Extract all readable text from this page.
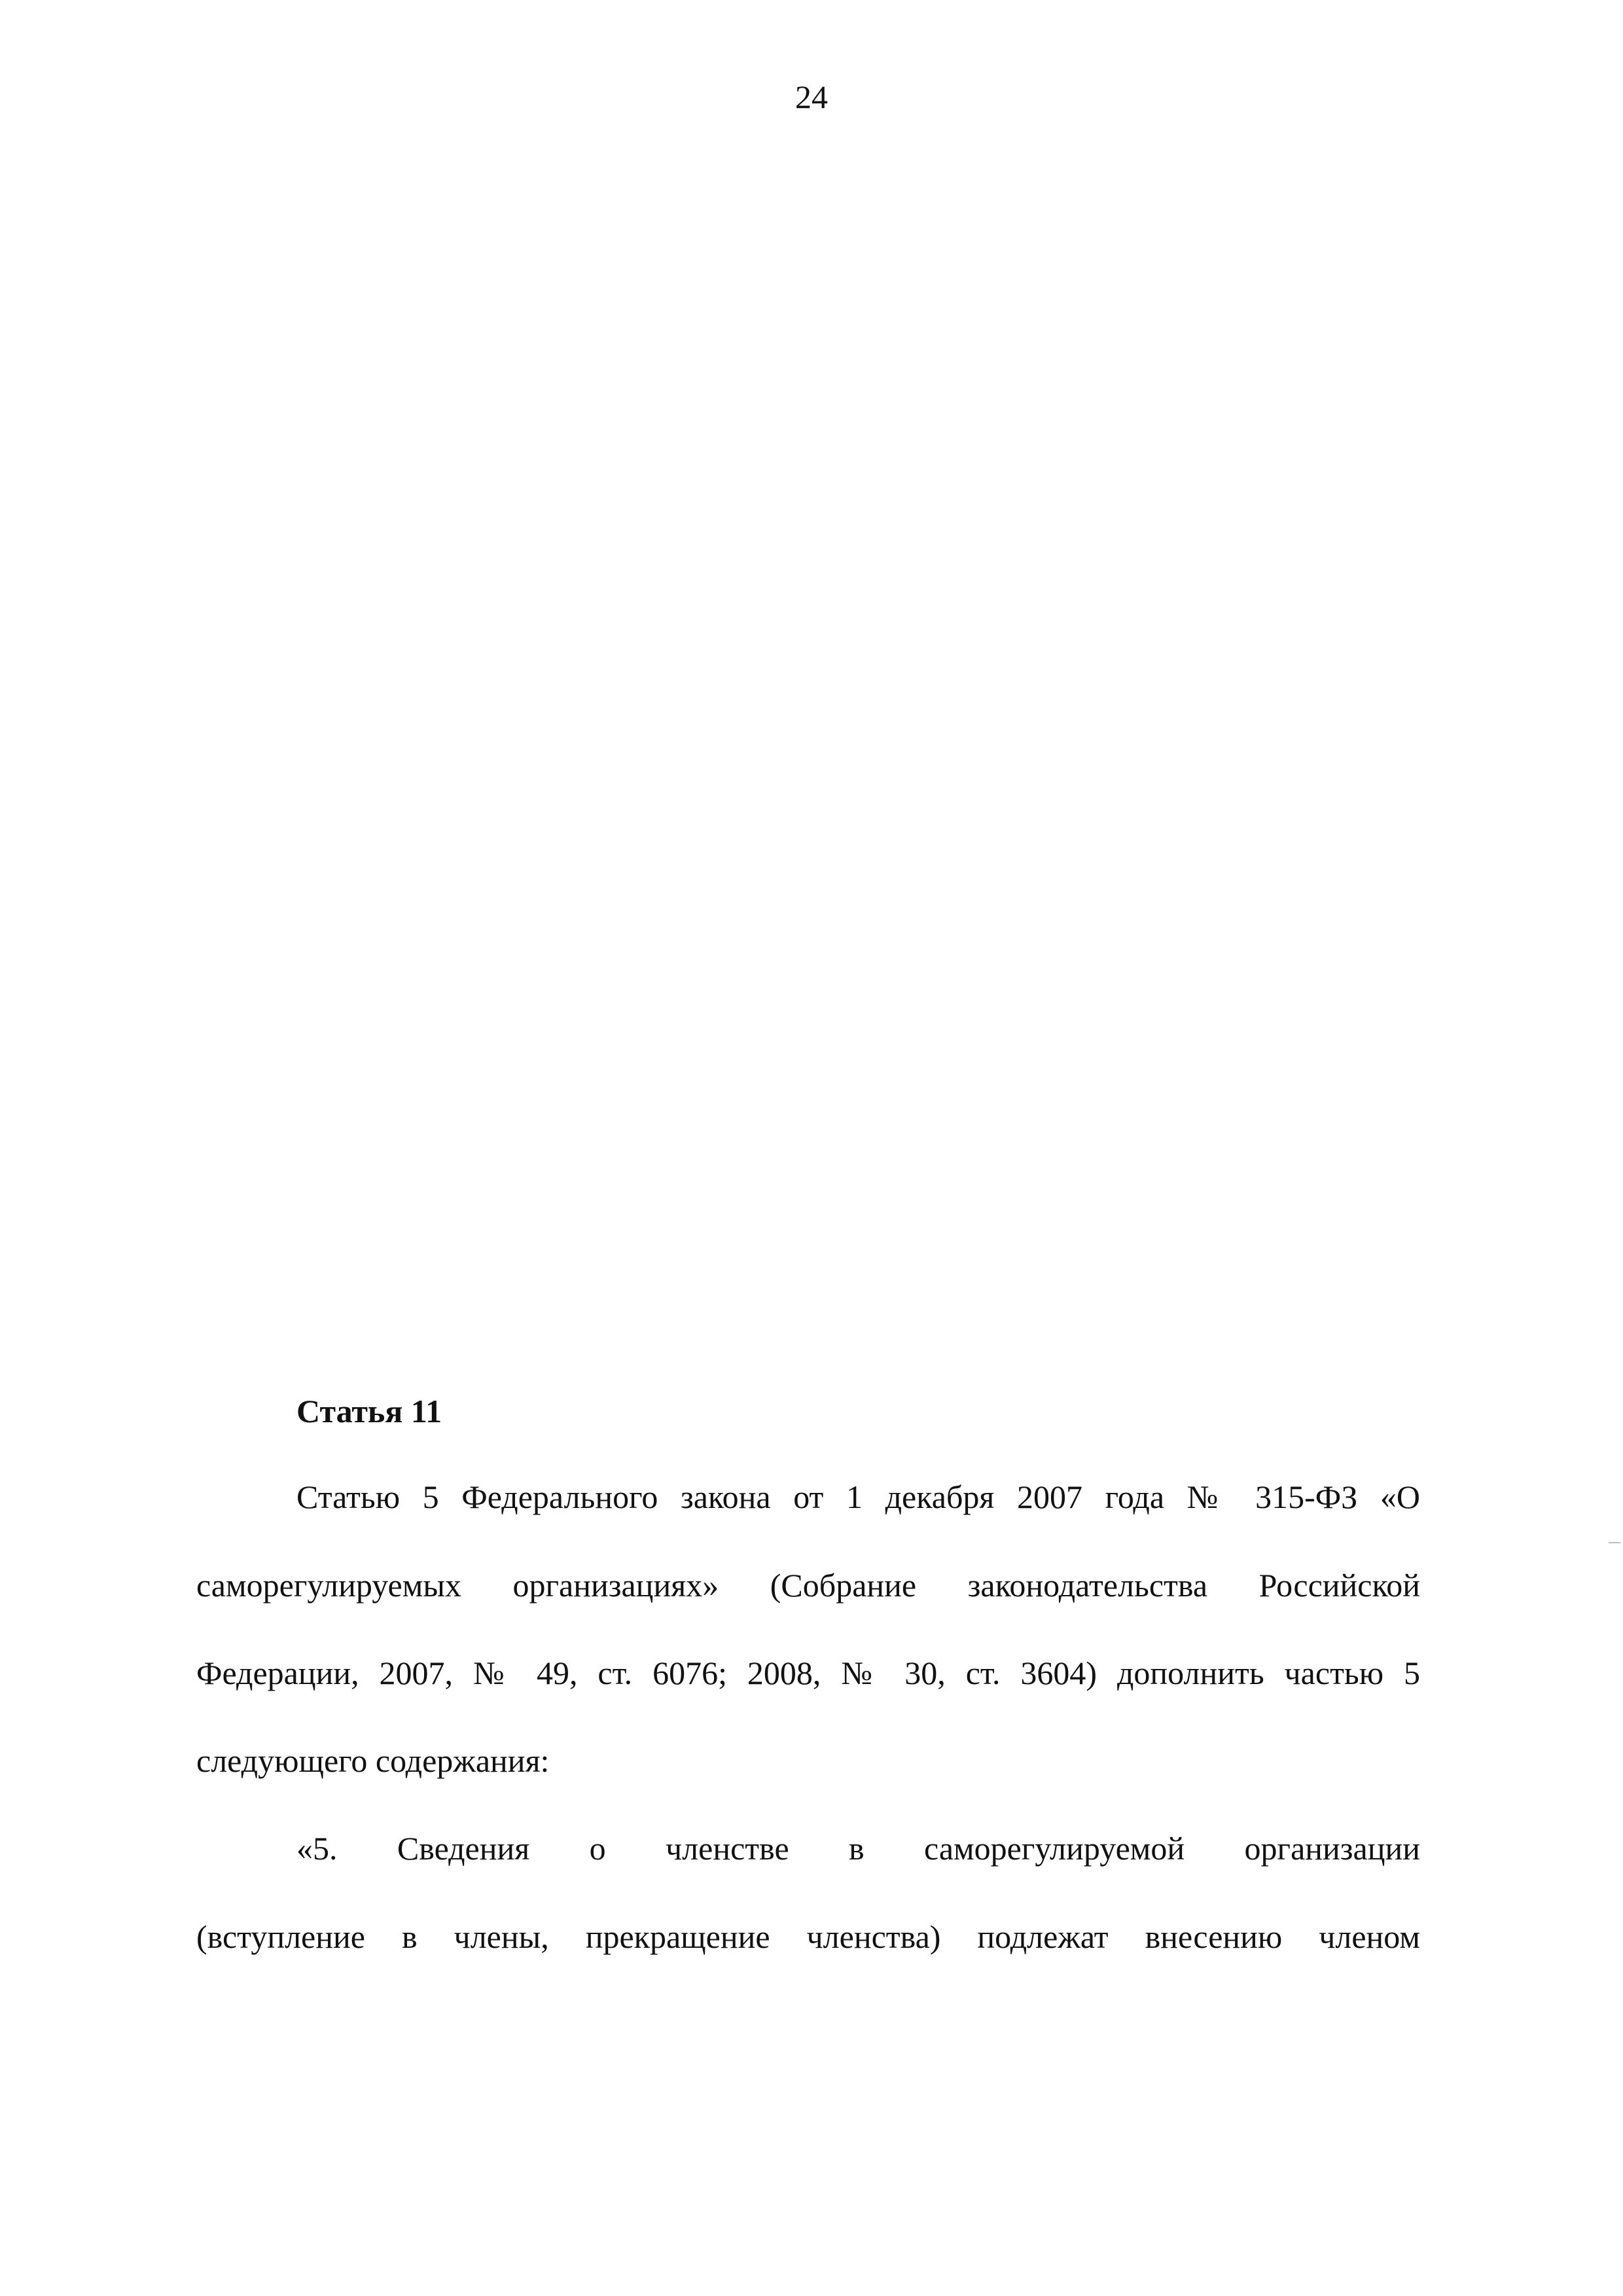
24
Статья 11
Статью 5 Федерального закона от 1 декабря 2007 года № 315-ФЗ «О
саморегулируемых организациях» (Собрание законодательства Российской
Федерации, 2007, № 49, ст. 6076; 2008, № 30, ст. 3604) дополнить частью 5
следующего содержания:
«5. Сведения о членстве в саморегулируемой организации
(вступление в члены, прекращение членства) подлежат внесению членом
